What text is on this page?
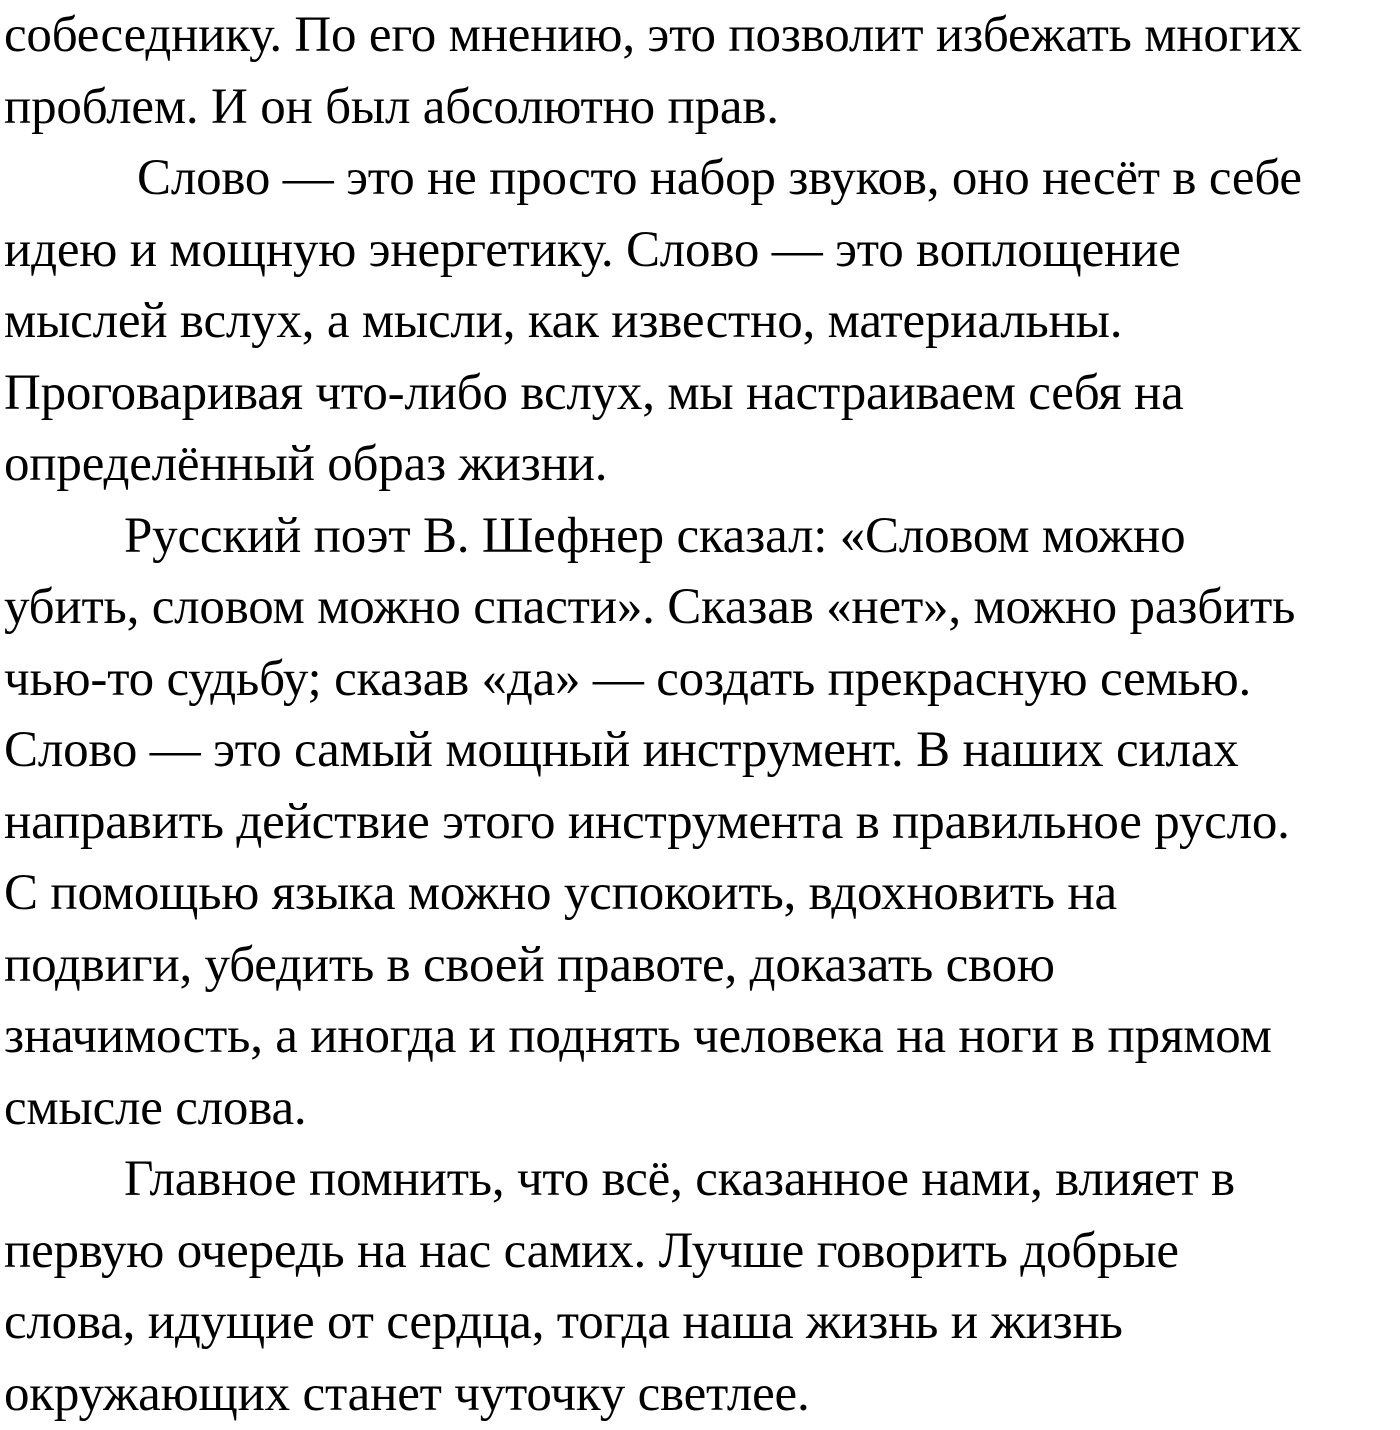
собеседнику. По его мнению, это позволит избежать многих
проблем. И он был абсолютно прав.
Слово — это не просто набор звуков, оно несёт в себе
идею и мощную энергетику. Слово — это воплощение
мыслей вслух, а мысли, как известно, материальны.
Проговаривая что-либо вслух, мы настраиваем себя на
определённый образ жизни.
Русский поэт В. Шефнер сказал: «Словом можно
убить, словом можно спасти». Сказав «нет», можно разбить
чью-то судьбу; сказав «да» — создать прекрасную семью.
Слово — это самый мощный инструмент. В наших силах
направить действие этого инструмента в правильное русло.
С помощью языка можно успокоить, вдохновить на
подвиги, убедить в своей правоте, доказать свою
значимость, а иногда и поднять человека на ноги в прямом
смысле слова.
Главное помнить, что всё, сказанное нами, влияет в
первую очередь на нас самих. Лучше говорить добрые
слова, идущие от сердца, тогда наша жизнь и жизнь
окружающих станет чуточку светлее.
